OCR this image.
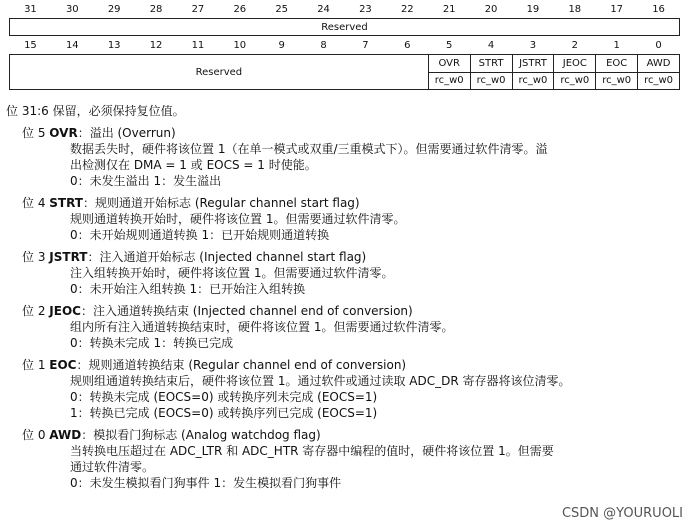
31	30	29	28	27	26	25	24	23	22	21	20	19	18	17	16
Reserved															
15	14	13	12	11	10	9	8	7	6	5	4	3	2	1	0
Reserved										OVR	STRT	JSTRT	JEOC	EOC	AWD
										rc_w0	rc_w0	rc_w0	rc_w0	rc_w0	rc_w0

位 31:6 保留，必须保持复位值。

位 5 OVR：溢出 (Overrun)

数据丢失时，硬件将该位置 1（在单一模式或双重/三重模式下）。但需要通过软件清零。溢

出检测仅在 DMA = 1 或 EOCS = 1 时使能。

0：未发生溢出 1：发生溢出

位 4 STRT：规则通道开始标志 (Regular channel start flag)

规则通道转换开始时，硬件将该位置 1。但需要通过软件清零。

0：未开始规则通道转换 1：已开始规则通道转换

位 3 JSTRT：注入通道开始标志 (Injected channel start flag)

注入组转换开始时，硬件将该位置 1。但需要通过软件清零。

0：未开始注入组转换 1：已开始注入组转换

位 2 JEOC：注入通道转换结束 (Injected channel end of conversion)

组内所有注入通道转换结束时，硬件将该位置 1。但需要通过软件清零。

0：转换未完成 1：转换已完成

位 1 EOC：规则通道转换结束 (Regular channel end of conversion)

规则组通道转换结束后，硬件将该位置 1。通过软件或通过读取 ADC_DR 寄存器将该位清零。

0：转换未完成 (EOCS=0) 或转换序列未完成 (EOCS=1)

1：转换已完成 (EOCS=0) 或转换序列已完成 (EOCS=1)

位 0 AWD：模拟看门狗标志 (Analog watchdog flag)

当转换电压超过在 ADC_LTR 和 ADC_HTR 寄存器中编程的值时，硬件将该位置 1。但需要

通过软件清零。

0：未发生模拟看门狗事件 1：发生模拟看门狗事件

CSDN @YOURUOLI
